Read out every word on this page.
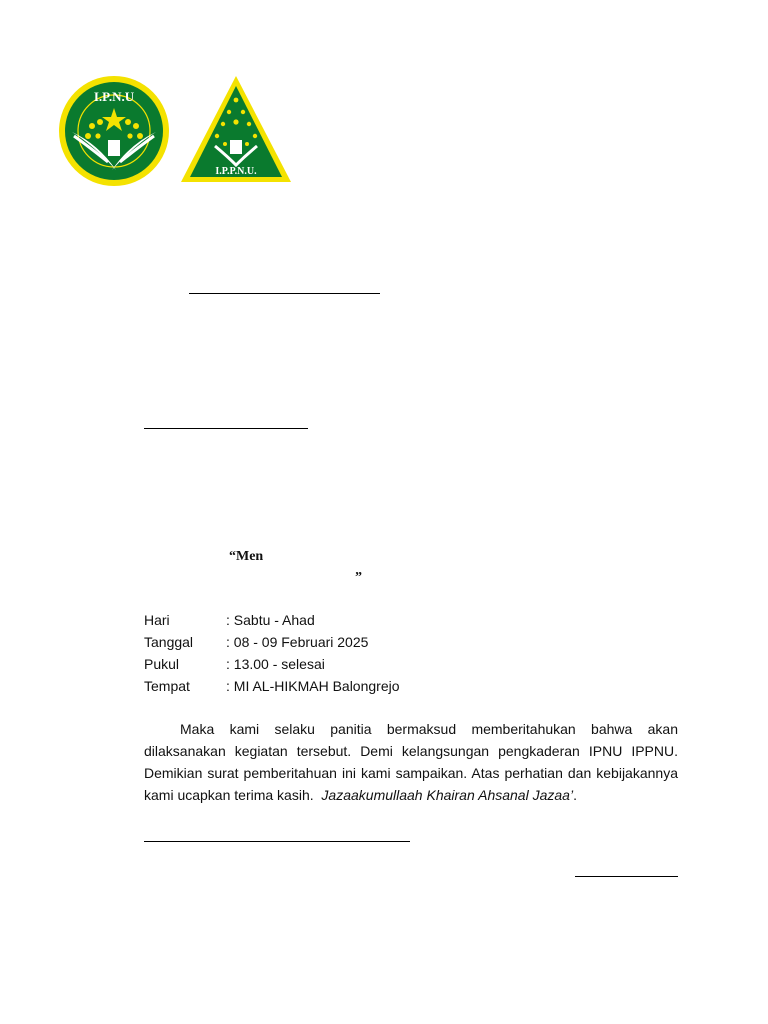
I.P.N.U
I.P.P.N.U.
“Men
”
Hari	: Sabtu - Ahad
Tanggal	: 08 - 09 Februari 2025
Pukul	: 13.00 - selesai
Tempat	: MI AL-HIKMAH Balongrejo
Maka kami selaku panitia bermaksud memberitahukan bahwa akan dilaksanakan kegiatan tersebut. Demi kelangsungan pengkaderan IPNU IPPNU. Demikian surat pemberitahuan ini kami sampaikan. Atas perhatian dan kebijakannya kami ucapkan terima kasih. Jazaakumullaah Khairan Ahsanal Jazaa’.
